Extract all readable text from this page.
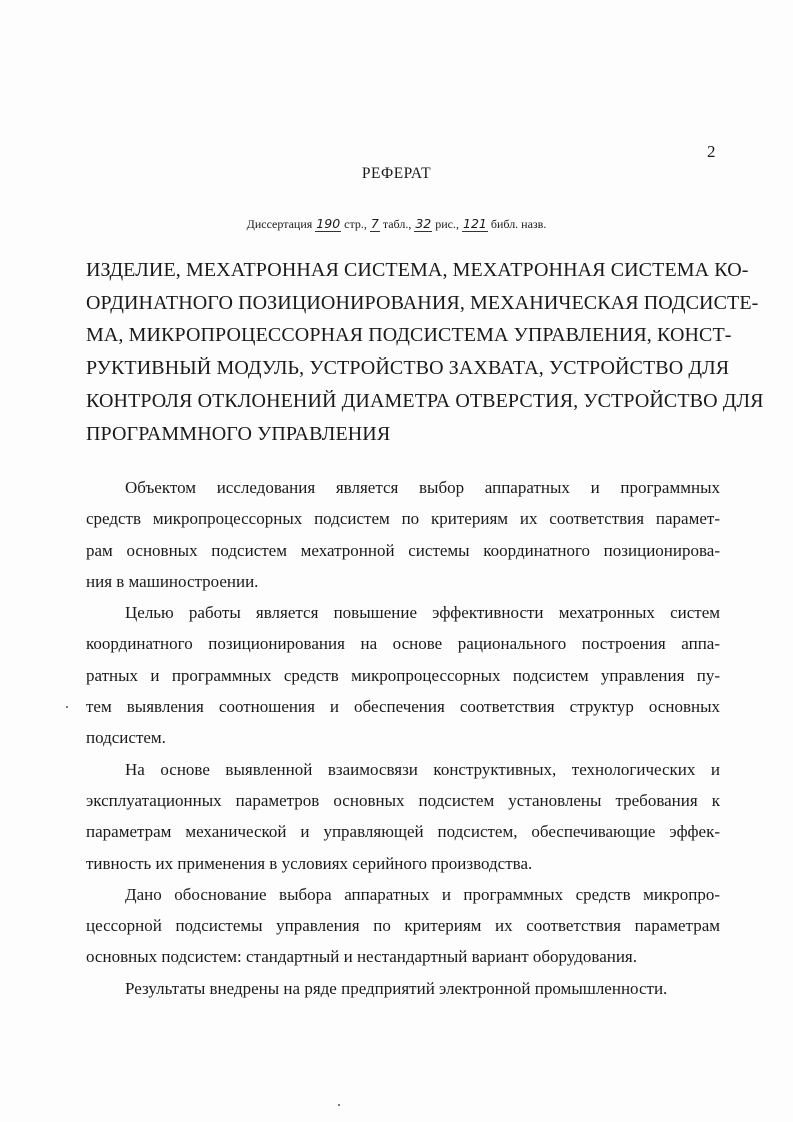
2
РЕФЕРАТ
Диссертация 190 стр., 7 табл., 32 рис., 121 библ. назв.
ИЗДЕЛИЕ, МЕХАТРОННАЯ СИСТЕМА, МЕХАТРОННАЯ СИСТЕМА КО-
ОРДИНАТНОГО ПОЗИЦИОНИРОВАНИЯ, МЕХАНИЧЕСКАЯ ПОДСИСТЕ-
МА, МИКРОПРОЦЕССОРНАЯ ПОДСИСТЕМА УПРАВЛЕНИЯ, КОНСТ-
РУКТИВНЫЙ МОДУЛЬ, УСТРОЙСТВО ЗАХВАТА, УСТРОЙСТВО ДЛЯ
КОНТРОЛЯ ОТКЛОНЕНИЙ ДИАМЕТРА ОТВЕРСТИЯ, УСТРОЙСТВО ДЛЯ
ПРОГРАММНОГО УПРАВЛЕНИЯ
Объектом исследования является выбор аппаратных и программных
средств микропроцессорных подсистем по критериям их соответствия парамет-
рам основных подсистем мехатронной системы координатного позиционирова-
ния в машиностроении.
Целью работы является повышение эффективности мехатронных систем
координатного позиционирования на основе рационального построения аппа-
ратных и программных средств микропроцессорных подсистем управления пу-
тем выявления соотношения и обеспечения соответствия структур основных
подсистем.
На основе выявленной взаимосвязи конструктивных, технологических и
эксплуатационных параметров основных подсистем установлены требования к
параметрам механической и управляющей подсистем, обеспечивающие эффек-
тивность их применения в условиях серийного производства.
Дано обоснование выбора аппаратных и программных средств микропро-
цессорной подсистемы управления по критериям их соответствия параметрам
основных подсистем: стандартный и нестандартный вариант оборудования.
Результаты внедрены на ряде предприятий электронной промышленности.
